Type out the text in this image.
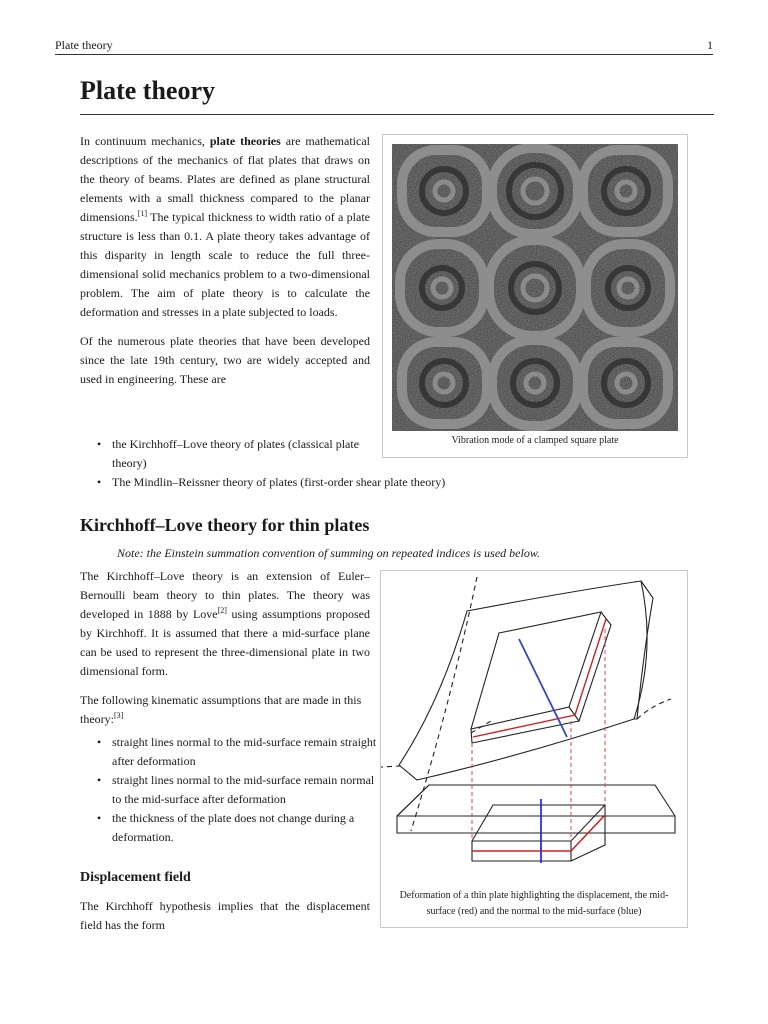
Plate theory	1
Plate theory

In continuum mechanics, plate theories are mathematical descriptions of the mechanics of flat plates that draws on the theory of beams. Plates are defined as plane structural elements with a small thickness compared to the planar dimensions.[1] The typical thickness to width ratio of a plate structure is less than 0.1. A plate theory takes advantage of this disparity in length scale to reduce the full three-dimensional solid mechanics problem to a two-dimensional problem. The aim of plate theory is to calculate the deformation and stresses in a plate subjected to loads.

Of the numerous plate theories that have been developed since the late 19th century, two are widely accepted and used in engineering. These are

• the Kirchhoff–Love theory of plates (classical plate theory)
• The Mindlin–Reissner theory of plates (first-order shear plate theory)
Vibration mode of a clamped square plate
Kirchhoff–Love theory for thin plates
Note: the Einstein summation convention of summing on repeated indices is used below.

The Kirchhoff–Love theory is an extension of Euler–Bernoulli beam theory to thin plates. The theory was developed in 1888 by Love[2] using assumptions proposed by Kirchhoff. It is assumed that there a mid-surface plane can be used to represent the three-dimensional plate in two dimensional form.

The following kinematic assumptions that are made in this theory:[3]

• straight lines normal to the mid-surface remain straight after deformation
• straight lines normal to the mid-surface remain normal to the mid-surface after deformation
• the thickness of the plate does not change during a deformation.
Displacement field
The Kirchhoff hypothesis implies that the displacement field has the form
Deformation of a thin plate highlighting the displacement, the mid-surface (red) and the normal to the mid-surface (blue)
